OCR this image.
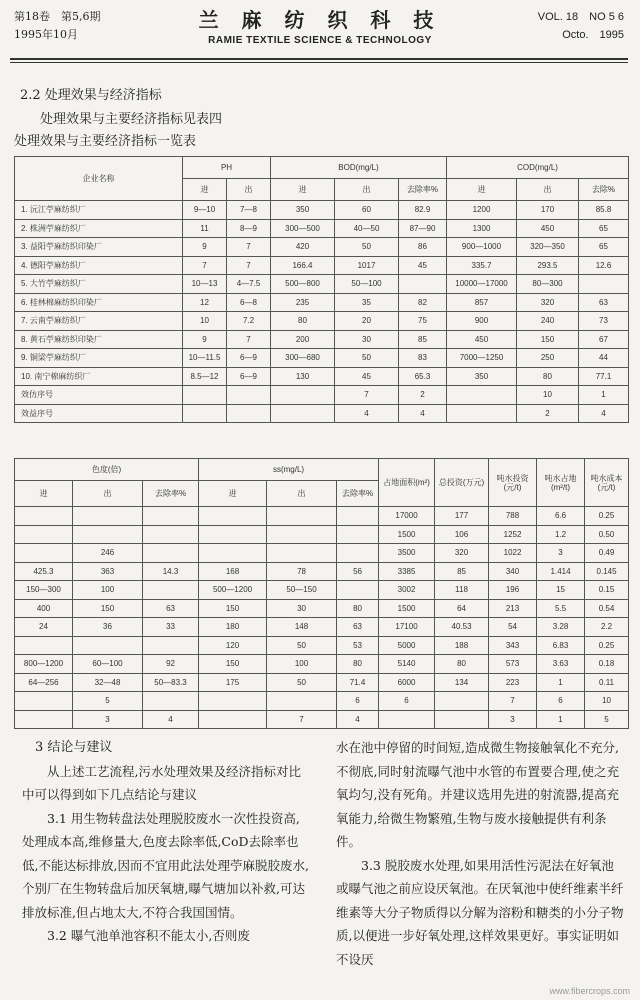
第18卷　第5,6期
1995年10月
兰 麻 纺 织 科 技
RAMIE TEXTILE SCIENCE & TECHNOLOGY
VOL. 18　NO 5 6
Octo.　1995
2.2 处理效果与经济指标
处理效果与主要经济指标见表四
处理效果与主要经济指标一览表
企业名称	PH		BOD(mg/L)			COD(mg/L)		
	进	出	进	出	去除率%	进	出	去除%
1. 沅江苧麻纺织厂	9—10	7—8	350	60	82.9	1200	170	85.8
2. 株洲苧麻纺织厂	11	8—9	300—500	40—50	87—90	1300	450	65
3. 益阳苧麻纺织印染厂	9	7	420	50	86	900—1000	320—350	65
4. 德阳苧麻纺织厂	7	7	166.4	1017	45	335.7	293.5	12.6
5. 大竹苧麻纺织厂	10—13	4—7.5	500—800	50—100		10000—17000	80—300	
6. 桂林棉麻纺织印染厂	12	6—8	235	35	82	857	320	63
7. 云南苧麻纺织厂	10	7.2	80	20	75	900	240	73
8. 黄石苧麻纺织印染厂	9	7	200	30	85	450	150	67
9. 铜梁苧麻纺织厂	10—11.5	6—9	300—680	50	83	7000—1250	250	44
10. 南宁棉麻纺织厂	8.5—12	6—9	130	45	65.3	350	80	77.1
效仿序号				7	2		10	1
效益序号				4	4		2	4
色度(倍)			ss(mg/L)			占地面积(m²)	总投资(万元)	吨水投资(元/t)	吨水占地(m²/t)	吨水成本(元/t)
进	出	去除率%	进	出	去除率%					
						17000	177	788	6.6	0.25
						1500	106	1252	1.2	0.50
	246					3500	320	1022	3	0.49
425.3	363	14.3	168	78	56	3385	85	340	1.414	0.145
150—300	100		500—1200	50—150		3002	118	196	15	0.15
400	150	63	150	30	80	1500	64	213	5.5	0.54
24	36	33	180	148	63	17100	40.53	54	3.28	2.2
			120	50	53	5000	188	343	6.83	0.25
800—1200	60—100	92	150	100	80	5140	80	573	3.63	0.18
64—256	32—48	50—83.3	175	50	71.4	6000	134	223	1	0.11
	5				6	6		7	6	10
	3	4		7	4			3	1	5

3 结论与建议

从上述工艺流程,污水处理效果及经济指标对比中可以得到如下几点结论与建议

3.1 用生物转盘法处理脱胶废水一次性投资高,处理成本高,维修量大,色度去除率低,CoD去除率也低,不能达标排放,因而不宜用此法处理苧麻脱胶废水,个别厂在生物转盘后加厌氧塘,曝气塘加以补救,可达排放标准,但占地太大,不符合我国国情。

3.2 曝气池单池容积不能太小,否则废

水在池中停留的时间短,造成微生物接触氧化不充分,不彻底,同时射流曝气池中水管的布置要合理,使之充氧均匀,没有死角。并建议选用先进的射流器,提高充氧能力,给微生物繁殖,生物与废水接触提供有利条件。

3.3 脱胶废水处理,如果用活性污泥法在好氧池或曝气池之前应设厌氧池。在厌氧池中使纤维素半纤维素等大分子物质得以分解为溶粉和糖类的小分子物质,以便进一步好氧处理,这样效果更好。事实证明如不设厌

www.fibercrops.com
